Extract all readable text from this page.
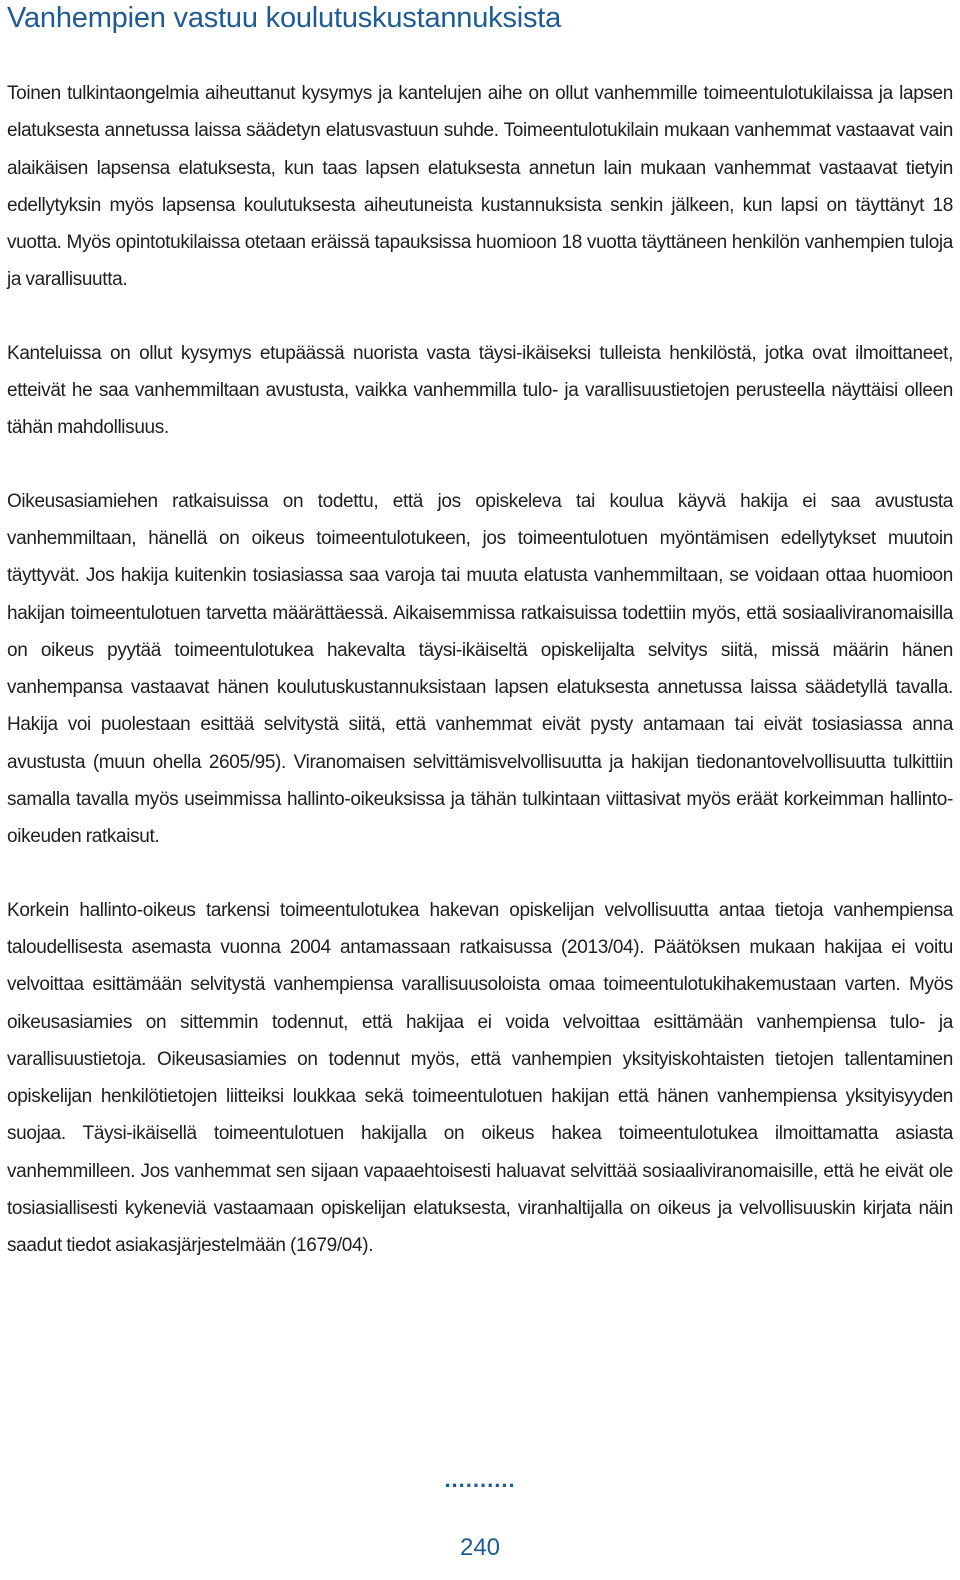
Vanhempien vastuu koulutuskustannuksista

Toinen tulkintaongelmia aiheuttanut kysymys ja kantelujen aihe on ollut vanhemmille toimeentulotukilaissa ja lapsen elatuksesta annetussa laissa säädetyn elatusvastuun suhde. Toimeentulotukilain mukaan vanhemmat vastaavat vain alaikäisen lapsensa elatuksesta, kun taas lapsen elatuksesta annetun lain mukaan vanhemmat vastaavat tietyin edellytyksin myös lapsensa koulutuksesta aiheutuneista kustannuksista senkin jälkeen, kun lapsi on täyttänyt 18 vuotta. Myös opintotukilaissa otetaan eräissä tapauksissa huomioon 18 vuotta täyttäneen henkilön vanhempien tuloja ja varallisuutta.

Kanteluissa on ollut kysymys etupäässä nuorista vasta täysi-ikäiseksi tulleista henkilöstä, jotka ovat ilmoittaneet, etteivät he saa vanhemmiltaan avustusta, vaikka vanhemmilla tulo- ja varallisuustietojen perusteella näyttäisi olleen tähän mahdollisuus.

Oikeusasiamiehen ratkaisuissa on todettu, että jos opiskeleva tai koulua käyvä hakija ei saa avustusta vanhemmiltaan, hänellä on oikeus toimeentulotukeen, jos toimeentulotuen myöntämisen edellytykset muutoin täyttyvät. Jos hakija kuitenkin tosiasiassa saa varoja tai muuta elatusta vanhemmiltaan, se voidaan ottaa huomioon hakijan toimeentulotuen tarvetta määrättäessä. Aikaisemmissa ratkaisuissa todettiin myös, että sosiaaliviranomaisilla on oikeus pyytää toimeentulotukea hakevalta täysi-ikäiseltä opiskelijalta selvitys siitä, missä määrin hänen vanhempansa vastaavat hänen koulutuskustannuksistaan lapsen elatuksesta annetussa laissa säädetyllä tavalla. Hakija voi puolestaan esittää selvitystä siitä, että vanhemmat eivät pysty antamaan tai eivät tosiasiassa anna avustusta (muun ohella 2605/95). Viranomaisen selvittämisvelvollisuutta ja hakijan tiedonantovelvollisuutta tulkittiin samalla tavalla myös useimmissa hallinto-oikeuksissa ja tähän tulkintaan viittasivat myös eräät korkeimman hallinto-oikeuden ratkaisut.

Korkein hallinto-oikeus tarkensi toimeentulotukea hakevan opiskelijan velvollisuutta antaa tietoja vanhempiensa taloudellisesta asemasta vuonna 2004 antamassaan ratkaisussa (2013/04). Päätöksen mukaan hakijaa ei voitu velvoittaa esittämään selvitystä vanhempiensa varallisuusoloista omaa toimeentulotukihakemustaan varten. Myös oikeusasiamies on sittemmin todennut, että hakijaa ei voida velvoittaa esittämään vanhempiensa tulo- ja varallisuustietoja. Oikeusasiamies on todennut myös, että vanhempien yksityiskohtaisten tietojen tallentaminen opiskelijan henkilötietojen liitteiksi loukkaa sekä toimeentulotuen hakijan että hänen vanhempiensa yksityisyyden suojaa. Täysi-ikäisellä toimeentulotuen hakijalla on oikeus hakea toimeentulotukea ilmoittamatta asiasta vanhemmilleen. Jos vanhemmat sen sijaan vapaaehtoisesti haluavat selvittää sosiaaliviranomaisille, että he eivät ole tosiasiallisesti kykeneviä vastaamaan opiskelijan elatuksesta, viranhaltijalla on oikeus ja velvollisuuskin kirjata näin saadut tiedot asiakasjärjestelmään (1679/04).

..........
240
